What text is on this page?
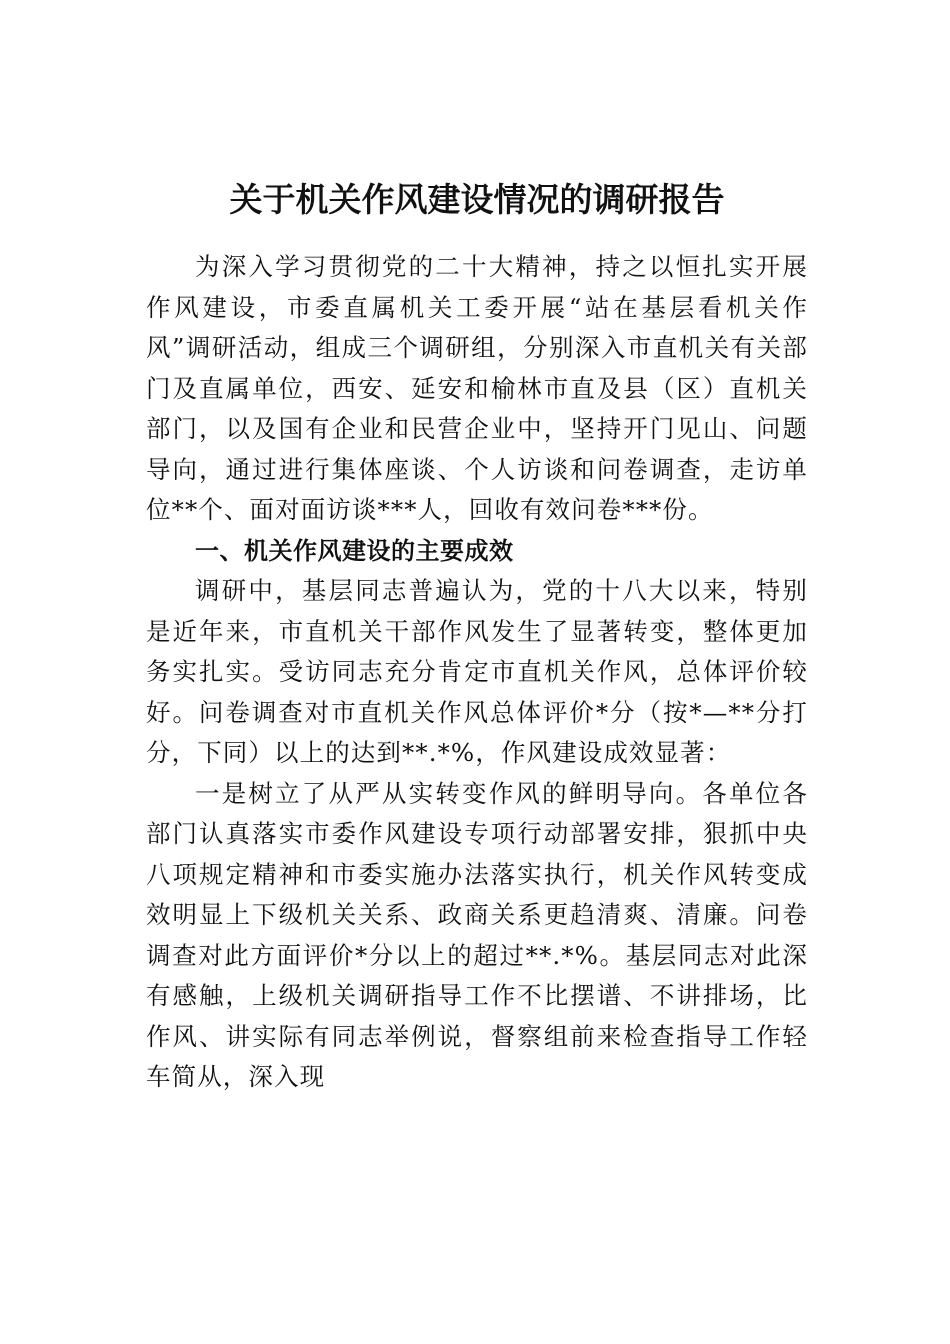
关于机关作风建设情况的调研报告

为深入学习贯彻党的二十大精神，持之以恒扎实开展作风建设，市委直属机关工委开展“站在基层看机关作风”调研活动，组成三个调研组，分别深入市直机关有关部门及直属单位，西安、延安和榆林市直及县（区）直机关部门，以及国有企业和民营企业中，坚持开门见山、问题导向，通过进行集体座谈、个人访谈和问卷调查，走访单位**个、面对面访谈***人，回收有效问卷***份。

一、机关作风建设的主要成效

调研中，基层同志普遍认为，党的十八大以来，特别是近年来，市直机关干部作风发生了显著转变，整体更加务实扎实。受访同志充分肯定市直机关作风，总体评价较好。问卷调查对市直机关作风总体评价*分（按*—**分打分，下同）以上的达到**.*%，作风建设成效显著：

一是树立了从严从实转变作风的鲜明导向。各单位各部门认真落实市委作风建设专项行动部署安排，狠抓中央八项规定精神和市委实施办法落实执行，机关作风转变成效明显上下级机关关系、政商关系更趋清爽、清廉。问卷调查对此方面评价*分以上的超过**.*%。基层同志对此深有感触，上级机关调研指导工作不比摆谱、不讲排场，比作风、讲实际有同志举例说，督察组前来检查指导工作轻车简从，深入现
